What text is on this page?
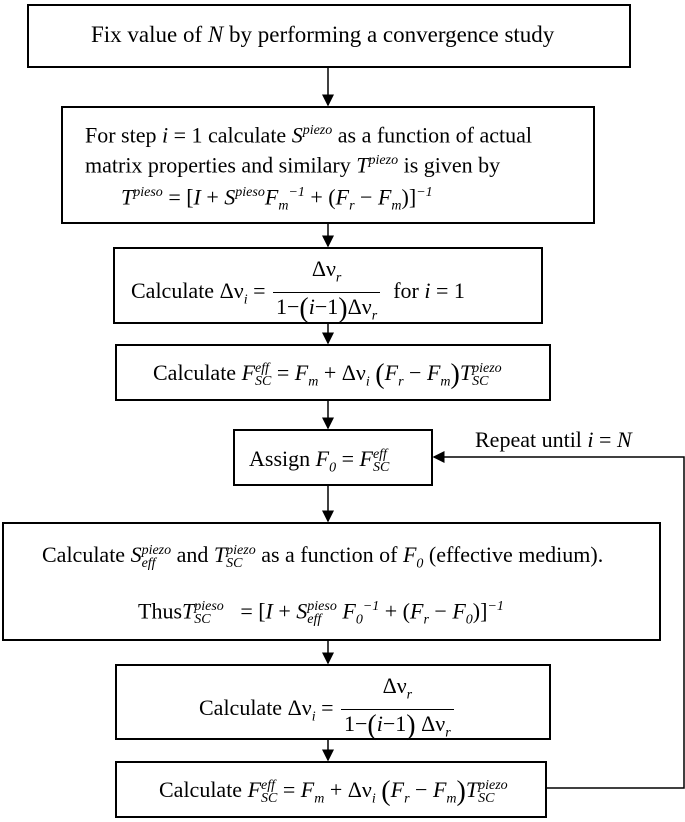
Fix value of N by performing a convergence study
For step i = 1 calculate $S^{piezo}$ as a function of actual
matrix properties and similary $T^{piezo}$ is given by
$T^{pieso} = [I + S^{pieso}F_m^{-1} + (F_r - F_m)]^{-1}$
Calculate $\Delta\nu_i = \frac{\Delta\nu_r}{1-(i-1)\Delta\nu_r}$ for i = 1
Calculate F eff
SC = $F_m + \Delta\nu_i$ $(F_r - F_m)T$ piezo
SC
Assign $F_0 = F$ eff
SC
Repeat until i = N
Calculate S piezo
eff and T piezo
SC as a function of $F_0$ (effective medium).
ThusT pieso
SC	= [I + S pieso
eff $F_0^{-1} + (F_r - F_0)]^{-1}$
Calculate $\Delta\nu_i = \frac{\Delta\nu_r}{1-(i-1) \Delta\nu_r}$
Calculate F eff
SC = $F_m + \Delta\nu_i$ $(F_r - F_m)T$ piezo
SC
